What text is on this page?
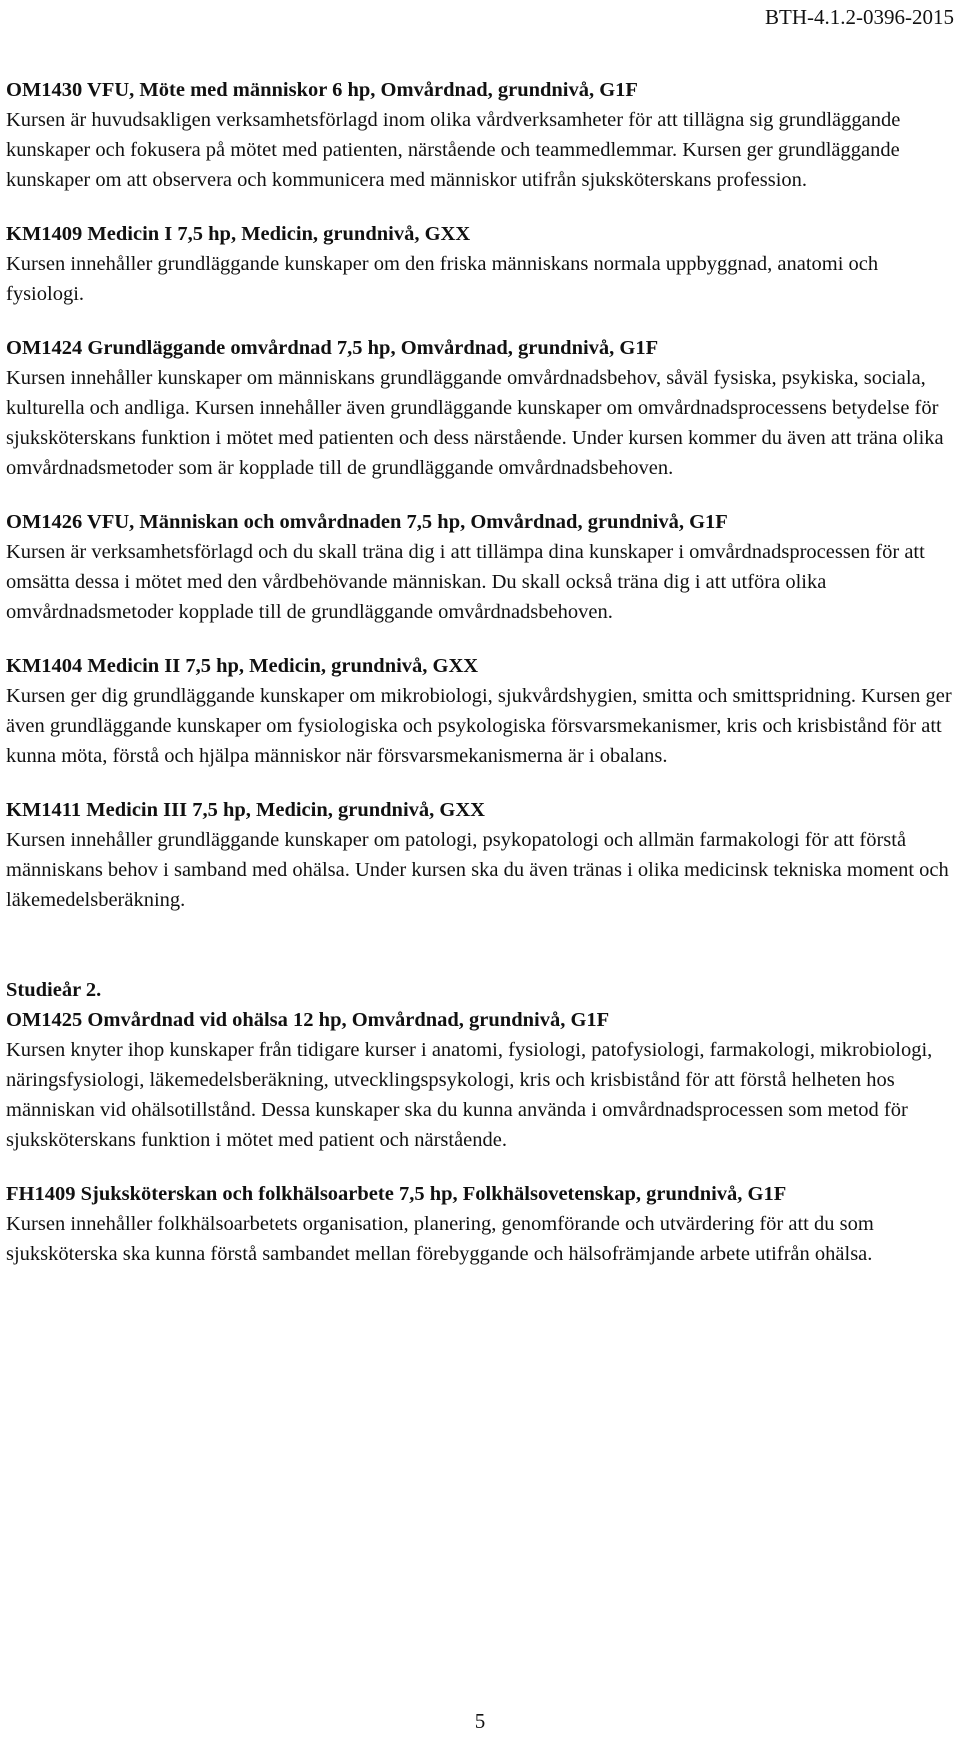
BTH-4.1.2-0396-2015
OM1430 VFU, Möte med människor 6 hp, Omvårdnad, grundnivå, G1F

Kursen är huvudsakligen verksamhetsförlagd inom olika vårdverksamheter för att tillägna sig grundläggande kunskaper och fokusera på mötet med patienten, närstående och teammedlemmar. Kursen ger grundläggande kunskaper om att observera och kommunicera med människor utifrån sjuksköterskans profession.

KM1409 Medicin I 7,5 hp, Medicin, grundnivå, GXX

Kursen innehåller grundläggande kunskaper om den friska människans normala uppbyggnad, anatomi och fysiologi.

OM1424 Grundläggande omvårdnad 7,5 hp, Omvårdnad, grundnivå, G1F

Kursen innehåller kunskaper om människans grundläggande omvårdnadsbehov, såväl fysiska, psykiska, sociala, kulturella och andliga. Kursen innehåller även grundläggande kunskaper om omvårdnadsprocessens betydelse för sjuksköterskans funktion i mötet med patienten och dess närstående. Under kursen kommer du även att träna olika omvårdnadsmetoder som är kopplade till de grundläggande omvårdnadsbehoven.

OM1426 VFU, Människan och omvårdnaden 7,5 hp, Omvårdnad, grundnivå, G1F

Kursen är verksamhetsförlagd och du skall träna dig i att tillämpa dina kunskaper i omvårdnadsprocessen för att omsätta dessa i mötet med den vårdbehövande människan. Du skall också träna dig i att utföra olika omvårdnadsmetoder kopplade till de grundläggande omvårdnadsbehoven.

KM1404 Medicin II 7,5 hp, Medicin, grundnivå, GXX

Kursen ger dig grundläggande kunskaper om mikrobiologi, sjukvårdshygien, smitta och smittspridning. Kursen ger även grundläggande kunskaper om fysiologiska och psykologiska försvarsmekanismer, kris och krisbistånd för att kunna möta, förstå och hjälpa människor när försvarsmekanismerna är i obalans.

KM1411 Medicin III 7,5 hp, Medicin, grundnivå, GXX

Kursen innehåller grundläggande kunskaper om patologi, psykopatologi och allmän farmakologi för att förstå människans behov i samband med ohälsa. Under kursen ska du även tränas i olika medicinsk tekniska moment och läkemedelsberäkning.

Studieår 2.
OM1425 Omvårdnad vid ohälsa 12 hp, Omvårdnad, grundnivå, G1F

Kursen knyter ihop kunskaper från tidigare kurser i anatomi, fysiologi, patofysiologi, farmakologi, mikrobiologi, näringsfysiologi, läkemedelsberäkning, utvecklingspsykologi, kris och krisbistånd för att förstå helheten hos människan vid ohälsotillstånd. Dessa kunskaper ska du kunna använda i omvårdnadsprocessen som metod för sjuksköterskans funktion i mötet med patient och närstående.

FH1409 Sjuksköterskan och folkhälsoarbete 7,5 hp, Folkhälsovetenskap, grundnivå, G1F

Kursen innehåller folkhälsoarbetets organisation, planering, genomförande och utvärdering för att du som sjuksköterska ska kunna förstå sambandet mellan förebyggande och hälsofrämjande arbete utifrån ohälsa.

5
